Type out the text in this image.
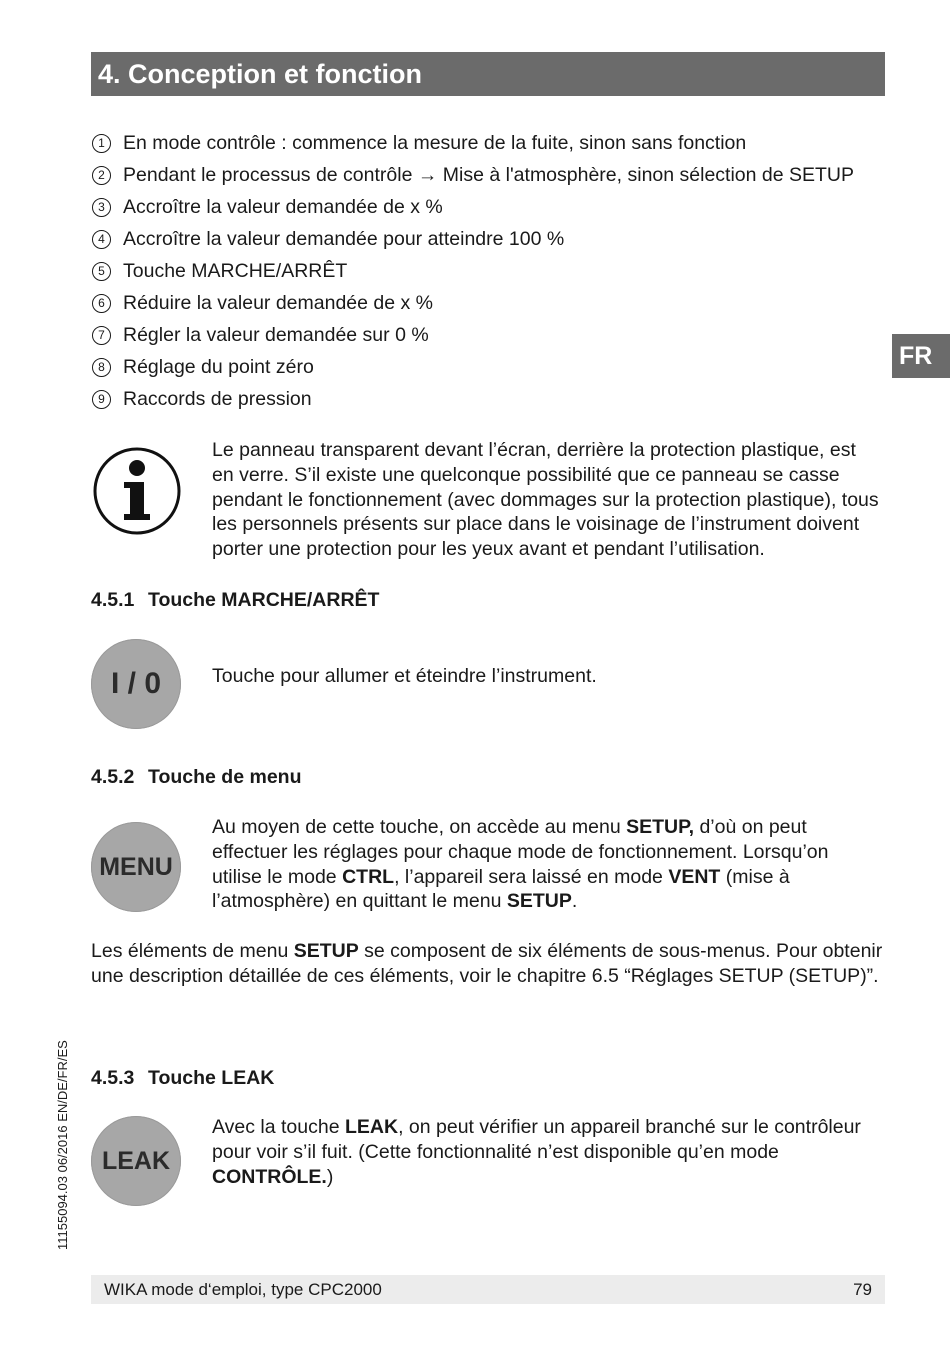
4. Conception et fonction
FR
1 En mode contrôle : commence la mesure de la fuite, sinon sans fonction
2 Pendant le processus de contrôle → Mise à l'atmosphère, sinon sélection de SETUP
3 Accroître la valeur demandée de x %
4 Accroître la valeur demandée pour atteindre 100 %
5 Touche MARCHE/ARRÊT
6 Réduire la valeur demandée de x %
7 Régler la valeur demandée sur 0 %
8 Réglage du point zéro
9 Raccords de pression
Le panneau transparent devant l’écran, derrière la protection plastique, est en verre. S’il existe une quelconque possibilité que ce panneau se casse pendant le fonctionnement (avec dommages sur la protection plastique), tous les personnels présents sur place dans le voisinage de l’instrument doivent porter une protection pour les yeux avant et pendant l’utilisation.
4.5.1 Touche MARCHE/ARRÊT
I / 0	Touche pour allumer et éteindre l’instrument.
4.5.2 Touche de menu
MENU
Au moyen de cette touche, on accède au menu SETUP, d’où on peut effectuer les réglages pour chaque mode de fonctionnement. Lorsqu’on utilise le mode CTRL, l’appareil sera laissé en mode VENT (mise à l’atmosphère) en quittant le menu SETUP.
Les éléments de menu SETUP se composent de six éléments de sous-menus. Pour obtenir une description détaillée de ces éléments, voir le chapitre 6.5 “Réglages SETUP (SETUP)”.
4.5.3 Touche LEAK
LEAK
Avec la touche LEAK, on peut vérifier un appareil branché sur le contrôleur pour voir s’il fuit. (Cette fonctionnalité n’est disponible qu’en mode CONTRÔLE.)
11155094.03 06/2016 EN/DE/FR/ES
WIKA mode d‘emploi, type CPC2000	79
